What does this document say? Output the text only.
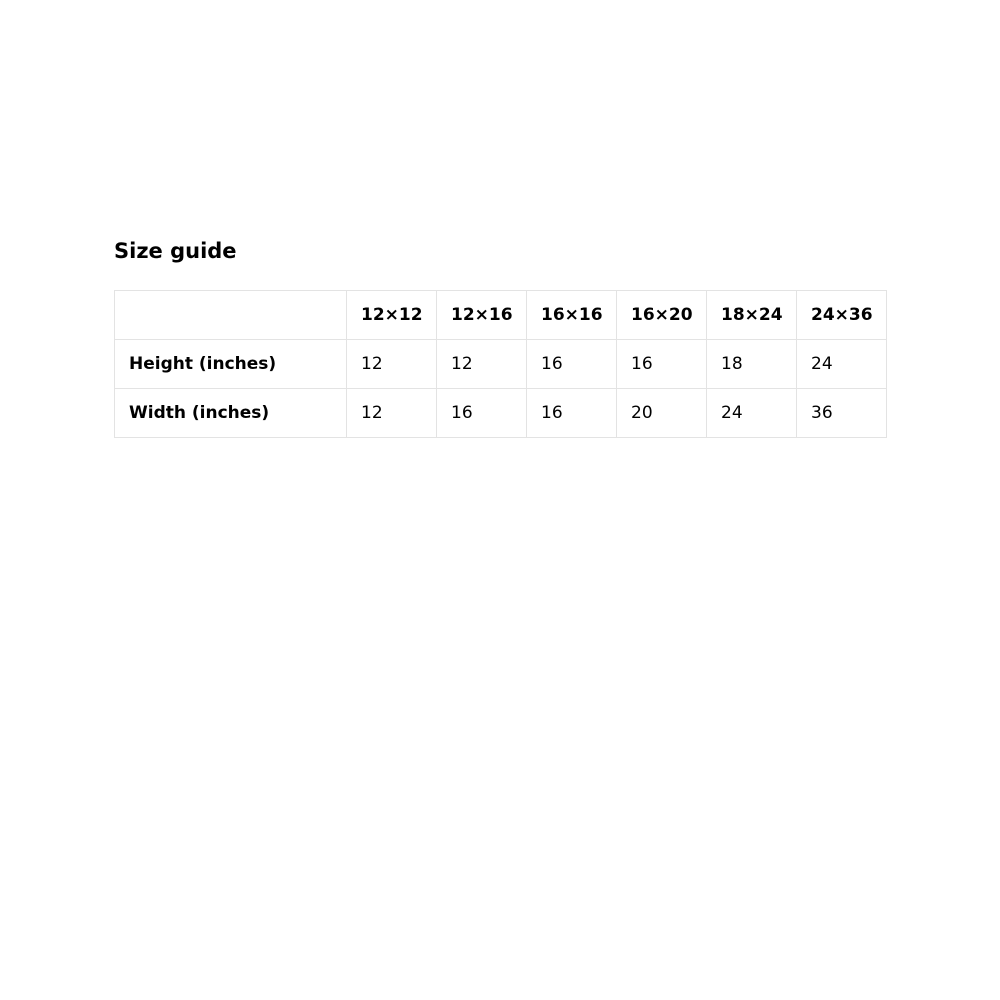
Size guide
	12×12	12×16	16×16	16×20	18×24	24×36
Height (inches)	12	12	16	16	18	24
Width (inches)	12	16	16	20	24	36
